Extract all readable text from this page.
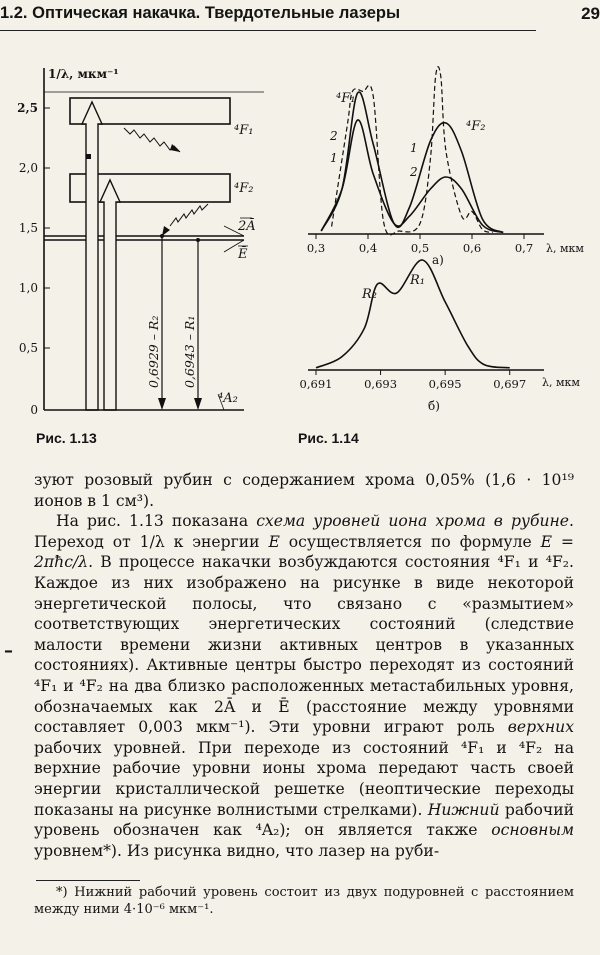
1.2. Оптическая накачка. Твердотельные лазеры	29
1/λ, мкм⁻¹
2,5
2,0
1,5
1,0
0,5
0
⁴F₁
⁴F₂
2Ā
Ē
0,6929 – R₂ 0,6943 – R₁
⁴A₂
Рис. 1.13
0,3	0,4	0,5	0,6	0,7 λ, мкм
а)
⁴F₁
⁴F₂
2
1
1
2
0,691	0,693	0,695	0,697 λ, мкм
б)
R₂
R₁
Рис. 1.14

зуют розовый рубин с содержанием хрома 0,05% (1,6 · 10¹⁹ ионов в 1 см³).

На рис. 1.13 показана схема уровней иона хрома в рубине. Переход от 1/λ к энергии E осуществляется по формуле E = 2πħc/λ. В процессе накачки возбуждаются состояния ⁴F₁ и ⁴F₂. Каждое из них изображено на рисунке в виде некоторой энергетической полосы, что связано с «размытием» соответствующих энергетических состояний (следствие малости времени жизни активных центров в указанных состояниях). Активные центры быстро переходят из состояний ⁴F₁ и ⁴F₂ на два близко расположенных метастабильных уровня, обозначаемых как 2Ā и Ē (расстояние между уровнями составляет 0,003 мкм⁻¹). Эти уровни играют роль верхних рабочих уровней. При переходе из состояний ⁴F₁ и ⁴F₂ на верхние рабочие уровни ионы хрома передают часть своей энергии кристаллической решетке (неоптические переходы показаны на рисунке волнистыми стрелками). Нижний рабочий уровень обозначен как ⁴A₂); он является также основным уровнем*). Из рисунка видно, что лазер на руби-

*) Нижний рабочий уровень состоит из двух подуровней с расстоянием между ними 4·10⁻⁶ мкм⁻¹.
–
